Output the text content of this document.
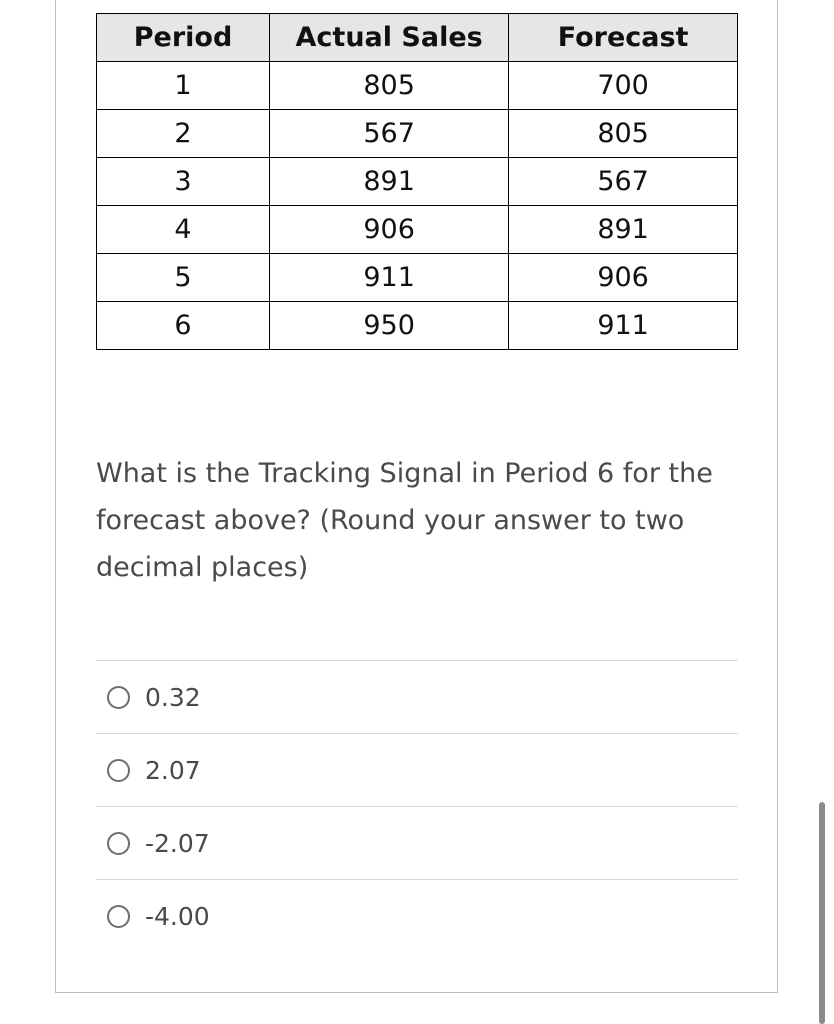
Period	Actual Sales	Forecast
1	805	700
2	567	805
3	891	567
4	906	891
5	911	906
6	950	911

What is the Tracking Signal in Period 6 for the forecast above? (Round your answer to two decimal places)

0.32
2.07
-2.07
-4.00
